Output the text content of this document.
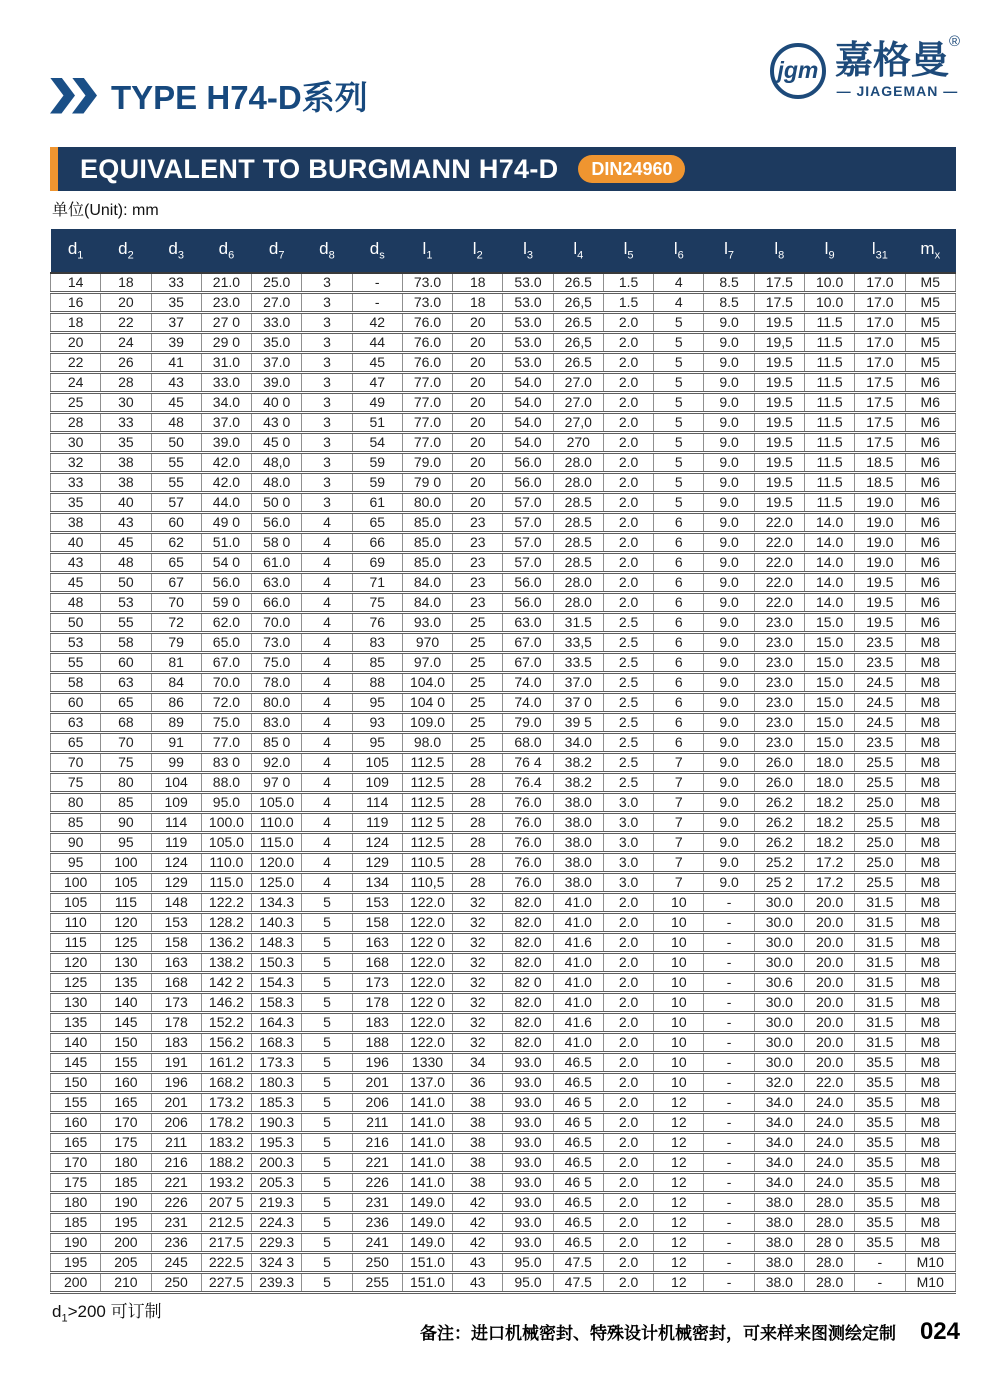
TYPE H74-D系列
jgm 嘉格曼 ®
— JIAGEMAN —
EQUIVALENT TO BURGMANN H74-D	DIN24960
单位(Unit): mm
$d_1$	$d_2$	$d_3$	$d_6$	$d_7$	$d_8$	$d_s$	$l_1$	$l_2$	$l_3$	$l_4$	$l_5$	$l_6$	$l_7$	$l_8$	$l_9$	$l_{31}$	$m_x$
14	18	33	21.0	25.0	3	-	73.0	18	53.0	26.5	1.5	4	8.5	17.5	10.0	17.0	M5
16	20	35	23.0	27.0	3	-	73.0	18	53.0	26,5	1.5	4	8.5	17.5	10.0	17.0	M5
18	22	37	27 0	33.0	3	42	76.0	20	53.0	26.5	2.0	5	9.0	19.5	11.5	17.0	M5
20	24	39	29 0	35.0	3	44	76.0	20	53.0	26,5	2.0	5	9.0	19,5	11.5	17.0	M5
22	26	41	31.0	37.0	3	45	76.0	20	53.0	26.5	2.0	5	9.0	19.5	11.5	17.0	M5
24	28	43	33.0	39.0	3	47	77.0	20	54.0	27.0	2.0	5	9.0	19.5	11.5	17.5	M6
25	30	45	34.0	40 0	3	49	77.0	20	54.0	27.0	2.0	5	9.0	19.5	11.5	17.5	M6
28	33	48	37.0	43 0	3	51	77.0	20	54.0	27,0	2.0	5	9.0	19.5	11.5	17.5	M6
30	35	50	39.0	45 0	3	54	77.0	20	54.0	270	2.0	5	9.0	19.5	11.5	17.5	M6
32	38	55	42.0	48,0	3	59	79.0	20	56.0	28.0	2.0	5	9.0	19.5	11.5	18.5	M6
33	38	55	42.0	48.0	3	59	79 0	20	56.0	28.0	2.0	5	9.0	19.5	11.5	18.5	M6
35	40	57	44.0	50 0	3	61	80.0	20	57.0	28.5	2.0	5	9.0	19.5	11.5	19.0	M6
38	43	60	49 0	56.0	4	65	85.0	23	57.0	28.5	2.0	6	9.0	22.0	14.0	19.0	M6
40	45	62	51.0	58 0	4	66	85.0	23	57.0	28.5	2.0	6	9.0	22.0	14.0	19.0	M6
43	48	65	54 0	61.0	4	69	85.0	23	57.0	28.5	2.0	6	9.0	22.0	14.0	19.0	M6
45	50	67	56.0	63.0	4	71	84.0	23	56.0	28.0	2.0	6	9.0	22.0	14.0	19.5	M6
48	53	70	59 0	66.0	4	75	84.0	23	56.0	28.0	2.0	6	9.0	22.0	14.0	19.5	M6
50	55	72	62.0	70.0	4	76	93.0	25	63.0	31.5	2.5	6	9.0	23.0	15.0	19.5	M6
53	58	79	65.0	73.0	4	83	970	25	67.0	33,5	2.5	6	9.0	23.0	15.0	23.5	M8
55	60	81	67.0	75.0	4	85	97.0	25	67.0	33.5	2.5	6	9.0	23.0	15.0	23.5	M8
58	63	84	70.0	78.0	4	88	104.0	25	74.0	37.0	2.5	6	9.0	23.0	15.0	24.5	M8
60	65	86	72.0	80.0	4	95	104 0	25	74.0	37 0	2.5	6	9.0	23.0	15.0	24.5	M8
63	68	89	75.0	83.0	4	93	109.0	25	79.0	39 5	2.5	6	9.0	23.0	15.0	24.5	M8
65	70	91	77.0	85 0	4	95	98.0	25	68.0	34.0	2.5	6	9.0	23.0	15.0	23.5	M8
70	75	99	83 0	92.0	4	105	112.5	28	76 4	38.2	2.5	7	9.0	26.0	18.0	25.5	M8
75	80	104	88.0	97 0	4	109	112.5	28	76.4	38.2	2.5	7	9.0	26.0	18.0	25.5	M8
80	85	109	95.0	105.0	4	114	112.5	28	76.0	38.0	3.0	7	9.0	26.2	18.2	25.0	M8
85	90	114	100.0	110.0	4	119	112 5	28	76.0	38.0	3.0	7	9.0	26.2	18.2	25.5	M8
90	95	119	105.0	115.0	4	124	112.5	28	76.0	38.0	3.0	7	9.0	26.2	18.2	25.0	M8
95	100	124	110.0	120.0	4	129	110.5	28	76.0	38.0	3.0	7	9.0	25.2	17.2	25.0	M8
100	105	129	115.0	125.0	4	134	110,5	28	76.0	38.0	3.0	7	9.0	25 2	17.2	25.5	M8
105	115	148	122.2	134.3	5	153	122.0	32	82.0	41.0	2.0	10	-	30.0	20.0	31.5	M8
110	120	153	128.2	140.3	5	158	122.0	32	82.0	41.0	2.0	10	-	30.0	20.0	31.5	M8
115	125	158	136.2	148.3	5	163	122 0	32	82.0	41.6	2.0	10	-	30.0	20.0	31.5	M8
120	130	163	138.2	150.3	5	168	122.0	32	82.0	41.0	2.0	10	-	30.0	20.0	31.5	M8
125	135	168	142 2	154.3	5	173	122.0	32	82 0	41.0	2.0	10	-	30.6	20.0	31.5	M8
130	140	173	146.2	158.3	5	178	122 0	32	82.0	41.0	2.0	10	-	30.0	20.0	31.5	M8
135	145	178	152.2	164.3	5	183	122.0	32	82.0	41.6	2.0	10	-	30.0	20.0	31.5	M8
140	150	183	156.2	168.3	5	188	122.0	32	82.0	41.0	2.0	10	-	30.0	20.0	31.5	M8
145	155	191	161.2	173.3	5	196	1330	34	93.0	46.5	2.0	10	-	30.0	20.0	35.5	M8
150	160	196	168.2	180.3	5	201	137.0	36	93.0	46.5	2.0	10	-	32.0	22.0	35.5	M8
155	165	201	173.2	185.3	5	206	141.0	38	93.0	46 5	2.0	12	-	34.0	24.0	35.5	M8
160	170	206	178.2	190.3	5	211	141.0	38	93.0	46 5	2.0	12	-	34.0	24.0	35.5	M8
165	175	211	183.2	195.3	5	216	141.0	38	93.0	46.5	2.0	12	-	34.0	24.0	35.5	M8
170	180	216	188.2	200.3	5	221	141.0	38	93.0	46.5	2.0	12	-	34.0	24.0	35.5	M8
175	185	221	193.2	205.3	5	226	141.0	38	93.0	46 5	2.0	12	-	34.0	24.0	35.5	M8
180	190	226	207 5	219.3	5	231	149.0	42	93.0	46.5	2.0	12	-	38.0	28.0	35.5	M8
185	195	231	212.5	224.3	5	236	149.0	42	93.0	46.5	2.0	12	-	38.0	28.0	35.5	M8
190	200	236	217.5	229.3	5	241	149.0	42	93.0	46.5	2.0	12	-	38.0	28 0	35.5	M8
195	205	245	222.5	324 3	5	250	151.0	43	95.0	47.5	2.0	12	-	38.0	28.0	-	M10
200	210	250	227.5	239.3	5	255	151.0	43	95.0	47.5	2.0	12	-	38.0	28.0	-	M10
$d_1>200$ 可订制
备注：进口机械密封、特殊设计机械密封，可来样来图测绘定制 024
